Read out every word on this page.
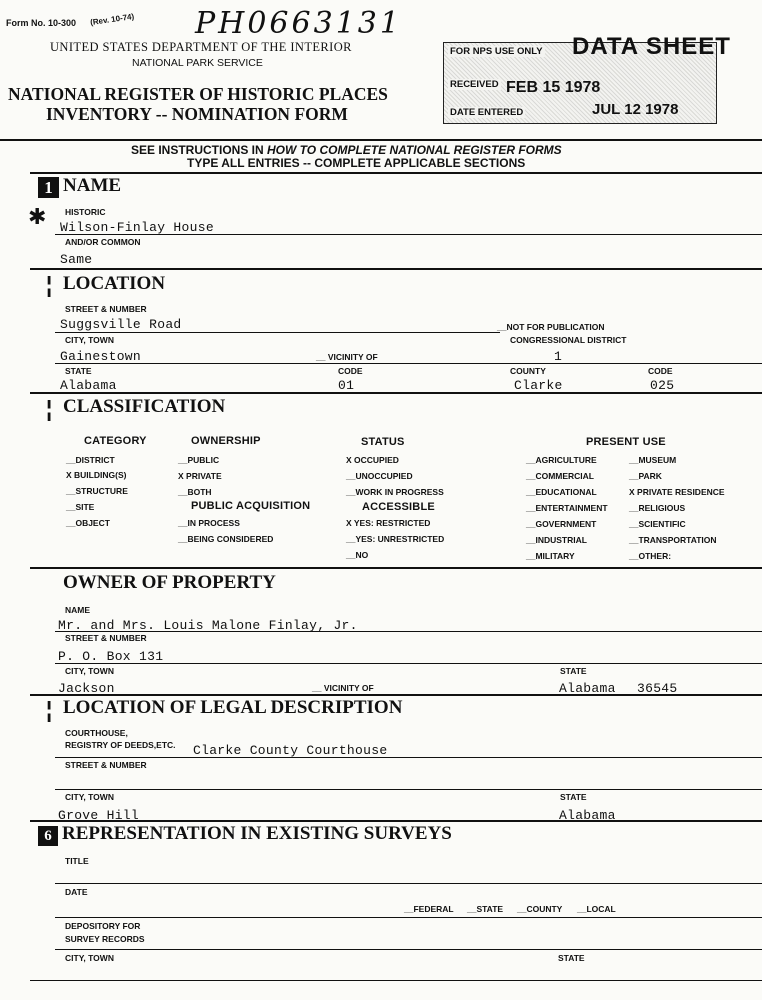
Form No. 10-300 (Rev. 10-74) PH0663131
UNITED STATES DEPARTMENT OF THE INTERIOR
NATIONAL PARK SERVICE
NATIONAL REGISTER OF HISTORIC PLACES
INVENTORY -- NOMINATION FORM
FOR NPS USE ONLY DATA SHEET
RECEIVED FEB 15 1978
DATE ENTERED	JUL 12 1978
SEE INSTRUCTIONS IN HOW TO COMPLETE NATIONAL REGISTER FORMS
TYPE ALL ENTRIES -- COMPLETE APPLICABLE SECTIONS
1 NAME
✱ HISTORIC
Wilson-Finlay House
AND/OR COMMON
Same
¦ LOCATION
STREET & NUMBER
Suggsville Road	__NOT FOR PUBLICATION
CITY, TOWN	CONGRESSIONAL DISTRICT
Gainestown	__ VICINITY OF	1
STATE	CODE	COUNTY	CODE
Alabama	01	Clarke	025
¦ CLASSIFICATION
CATEGORY	OWNERSHIP	STATUS	PRESENT USE
__DISTRICT
X BUILDING(S)
__STRUCTURE
__SITE
__OBJECT
__PUBLIC
X PRIVATE
__BOTH
PUBLIC ACQUISITION
__IN PROCESS
__BEING CONSIDERED
X OCCUPIED
__UNOCCUPIED
__WORK IN PROGRESS
ACCESSIBLE
X YES: RESTRICTED
__YES: UNRESTRICTED
__NO
__AGRICULTURE
__COMMERCIAL
__EDUCATIONAL
__ENTERTAINMENT
__GOVERNMENT
__INDUSTRIAL
__MILITARY
__MUSEUM
__PARK
X PRIVATE RESIDENCE
__RELIGIOUS
__SCIENTIFIC
__TRANSPORTATION
__OTHER:
OWNER OF PROPERTY
NAME
Mr. and Mrs. Louis Malone Finlay, Jr.
STREET & NUMBER
P. O. Box 131
CITY, TOWN	STATE
Jackson	__ VICINITY OF	Alabama 36545
¦ LOCATION OF LEGAL DESCRIPTION
COURTHOUSE,
REGISTRY OF DEEDS,ETC. Clarke County Courthouse
STREET & NUMBER
CITY, TOWN	STATE
Grove Hill	Alabama
6 REPRESENTATION IN EXISTING SURVEYS
TITLE
DATE
__FEDERAL __STATE __COUNTY __LOCAL
DEPOSITORY FOR
SURVEY RECORDS
CITY, TOWN	STATE
